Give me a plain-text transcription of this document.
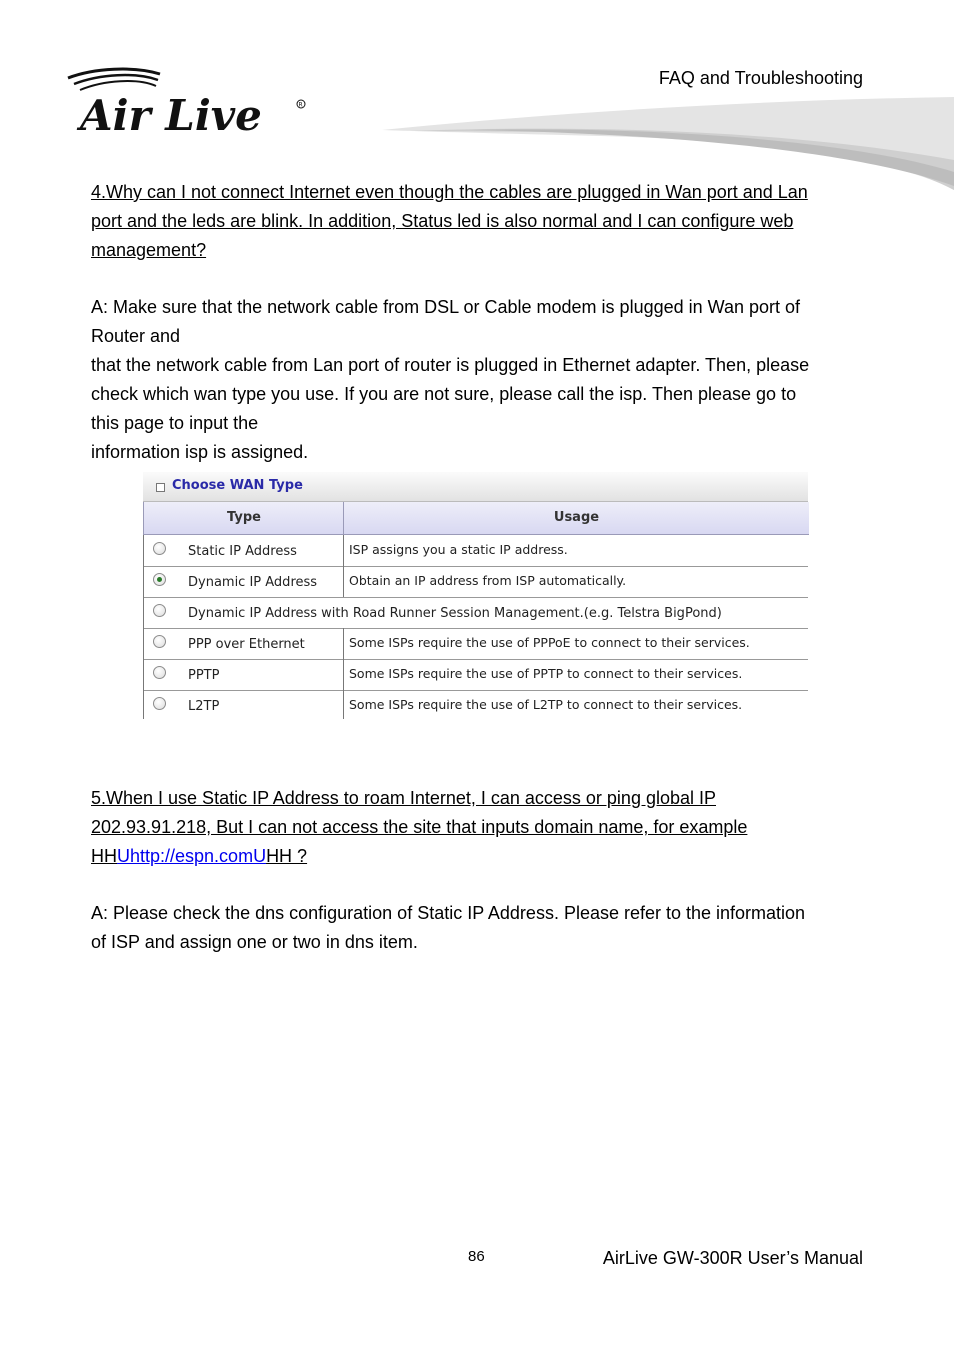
Air Live	R
FAQ and Troubleshooting
4.Why can I not connect Internet even though the cables are plugged in Wan port and Lan
port and the leds are blink. In addition, Status led is also normal and I can configure web
management?
A: Make sure that the network cable from DSL or Cable modem is plugged in Wan port of
Router and
that the network cable from Lan port of router is plugged in Ethernet adapter. Then, please
check which wan type you use. If you are not sure, please call the isp. Then please go to
this page to input the
information isp is assigned.
Choose WAN Type
Type	Usage
Static IP Address	ISP assigns you a static IP address.
Dynamic IP Address	Obtain an IP address from ISP automatically.
Dynamic IP Address with Road Runner Session Management.(e.g. Telstra BigPond)
PPP over Ethernet	Some ISPs require the use of PPPoE to connect to their services.
PPTP	Some ISPs require the use of PPTP to connect to their services.
L2TP	Some ISPs require the use of L2TP to connect to their services.
5.When I use Static IP Address to roam Internet, I can access or ping global IP
202.93.91.218, But I can not access the site that inputs domain name, for example
HHUhttp://espn.comUHH ?
A: Please check the dns configuration of Static IP Address. Please refer to the information
of ISP and assign one or two in dns item.
86	AirLive GW-300R User’s Manual
